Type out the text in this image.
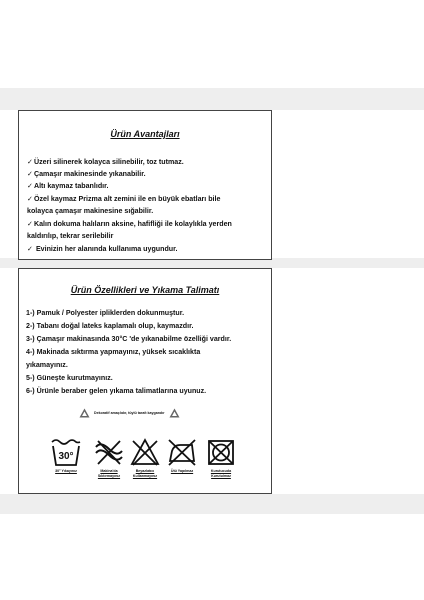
Ürün Avantajları
✓Üzeri silinerek kolayca silinebilir, toz tutmaz.
✓Çamaşır makinesinde yıkanabilir.
✓Altı kaymaz tabanlıdır.
✓Özel kaymaz Prizma alt zemini ile en büyük ebatları bile
kolayca çamaşır makinesine sığabilir.
✓Kalın dokuma halıların aksine, hafifliği ile kolaylıkla yerden
kaldırılıp, tekrar serilebilir
✓ Evinizin her alanında kullanıma uygundur.
Ürün Özellikleri ve Yıkama Talimatı
1-) Pamuk / Polyester ipliklerden dokunmuştur.
2-) Tabanı doğal lateks kaplamalı olup, kaymazdır.
3-) Çamaşır makinasında 30°C 'de yıkanabilme özelliği vardır.
4-) Makinada sıktırma yapmayınız, yüksek sıcaklıkta
yıkamayınız.
5-) Güneşte kurutmayınız.
6-) Ürünle beraber gelen yıkama talimatlarına uyunuz.
Dekoratif amaçlıdır, tüylü tarafı kaygandır
30°
30° Yıkayınız	Makina'da Sıktırmayınız
Beyazlatıcı Kullanmayınız
Ütü Yapılmaz	Kurutucuda Kurutulmaz
